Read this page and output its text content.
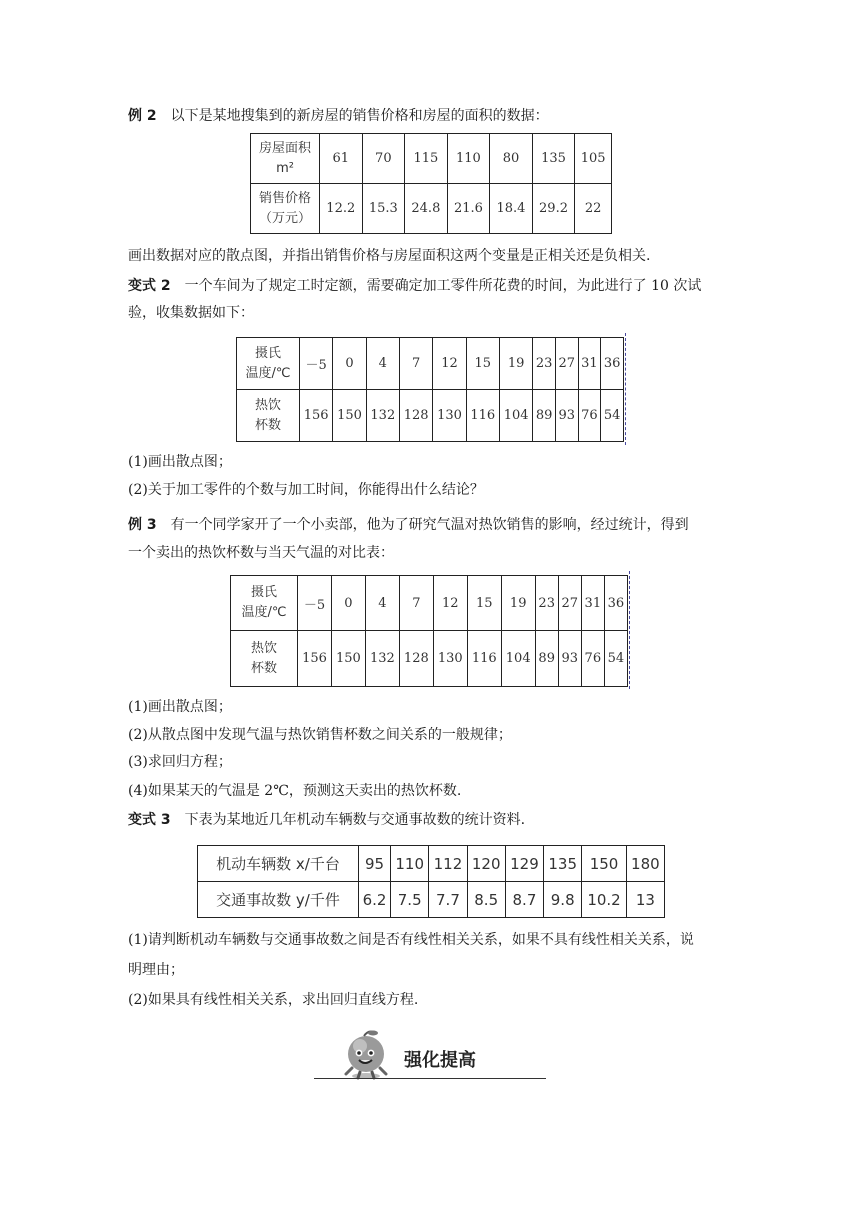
例 2 以下是某地搜集到的新房屋的销售价格和房屋的面积的数据：
房屋面积
m²	61	70	115	110	80	135	105
销售价格
（万元）	12.2	15.3	24.8	21.6	18.4	29.2	22
画出数据对应的散点图，并指出销售价格与房屋面积这两个变量是正相关还是负相关.
变式 2 一个车间为了规定工时定额，需要确定加工零件所花费的时间，为此进行了 10 次试
验，收集数据如下：
摄氏
温度/℃	－5	0	4	7	12	15	19	23	27	31	36
热饮
杯数	156	150	132	128	130	116	104	89	93	76	54
(1)画出散点图；
(2)关于加工零件的个数与加工时间，你能得出什么结论？
例 3 有一个同学家开了一个小卖部，他为了研究气温对热饮销售的影响，经过统计，得到
一个卖出的热饮杯数与当天气温的对比表：
摄氏
温度/℃	－5	0	4	7	12	15	19	23	27	31	36
热饮
杯数	156	150	132	128	130	116	104	89	93	76	54
(1)画出散点图；
(2)从散点图中发现气温与热饮销售杯数之间关系的一般规律；
(3)求回归方程；
(4)如果某天的气温是 2℃，预测这天卖出的热饮杯数.
变式 3 下表为某地近几年机动车辆数与交通事故数的统计资料.
机动车辆数 x/千台	95	110	112	120	129	135	150	180
交通事故数 y/千件	6.2	7.5	7.7	8.5	8.7	9.8	10.2	13
(1)请判断机动车辆数与交通事故数之间是否有线性相关关系，如果不具有线性相关关系，说
明理由；
(2)如果具有线性相关关系，求出回归直线方程.
强化提高
